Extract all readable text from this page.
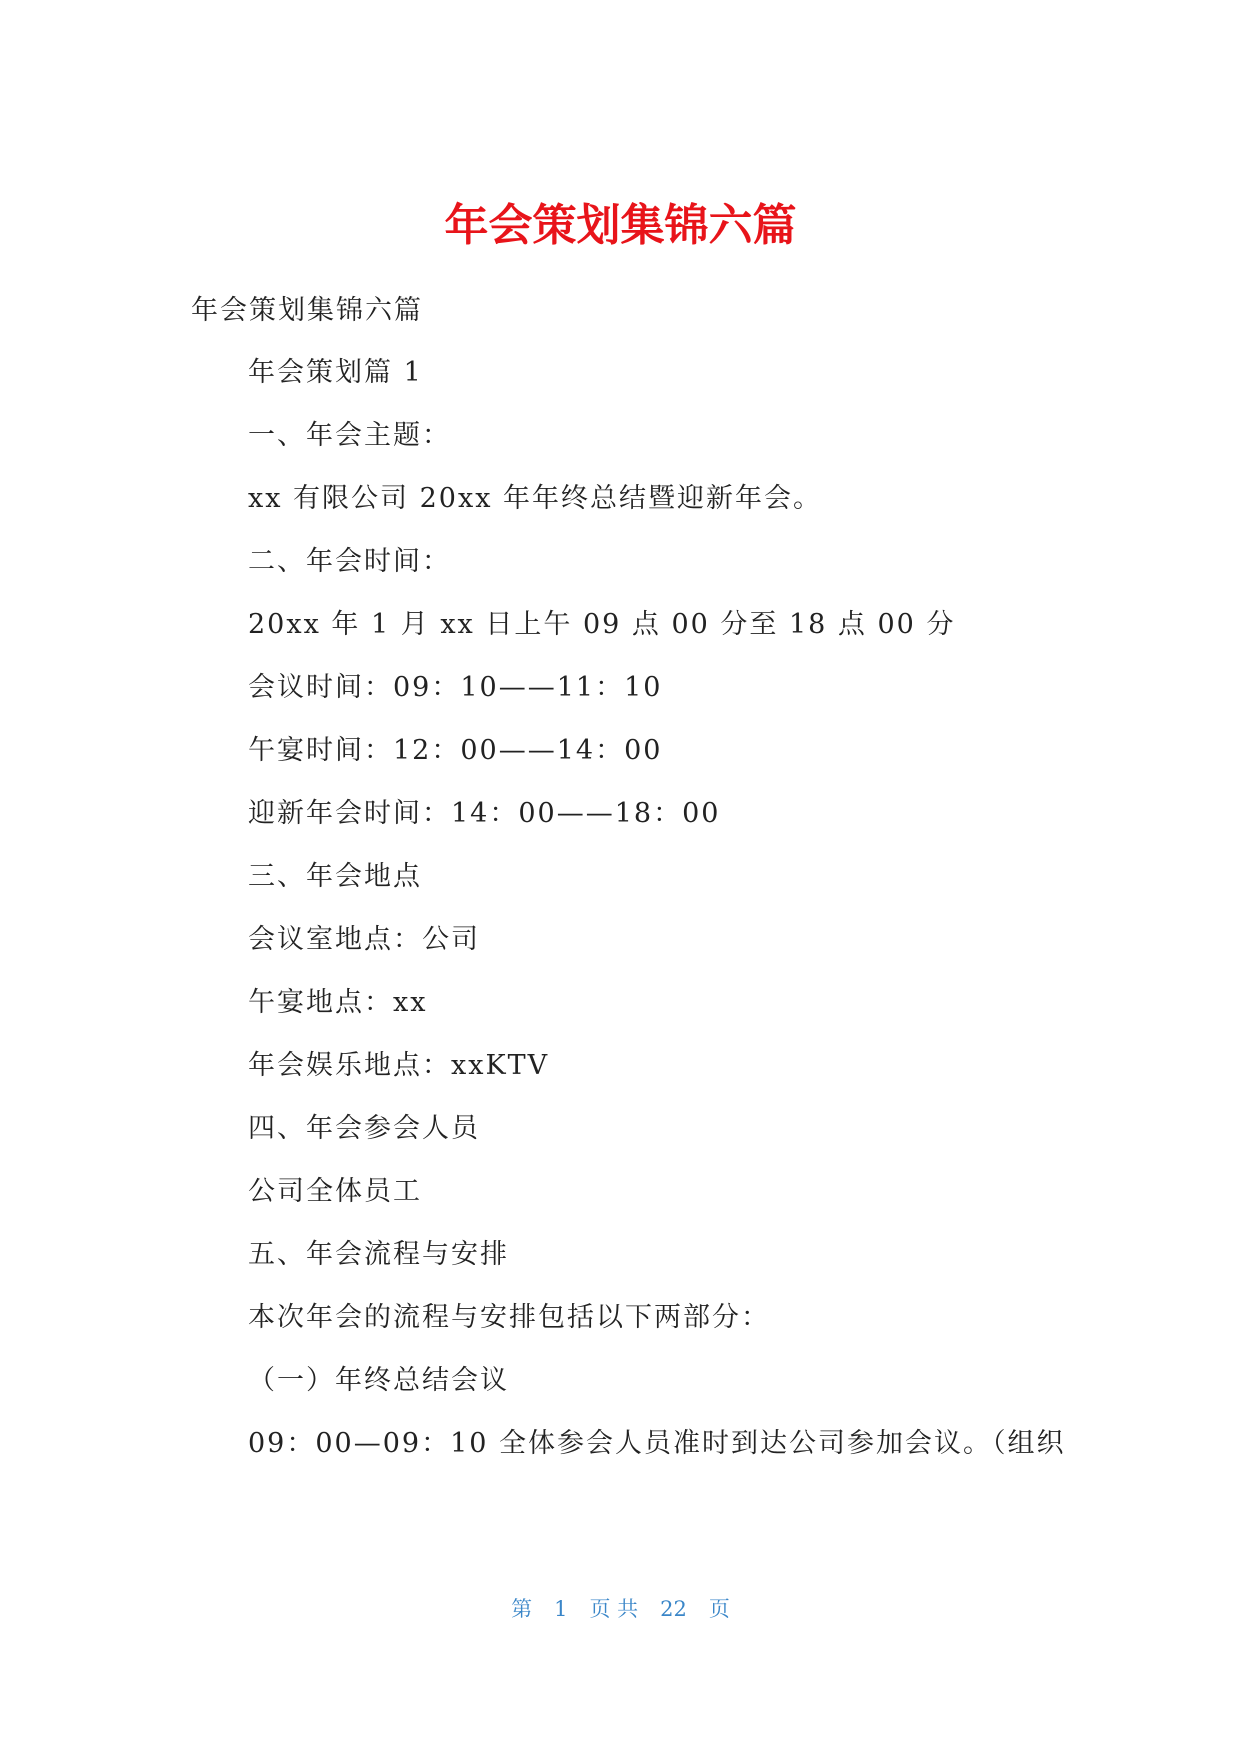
年会策划集锦六篇
年会策划集锦六篇
年会策划篇 1
一、年会主题：
xx 有限公司 20xx 年年终总结暨迎新年会。
二、年会时间：
20xx 年 1 月 xx 日上午 09 点 00 分至 18 点 00 分
会议时间：09：10——11：10
午宴时间：12：00——14：00
迎新年会时间：14：00——18：00
三、年会地点
会议室地点：公司
午宴地点：xx
年会娱乐地点：xxKTV
四、年会参会人员
公司全体员工
五、年会流程与安排
本次年会的流程与安排包括以下两部分：
（一）年终总结会议
09：00—09：10 全体参会人员准时到达公司参加会议。（组织
第 1 页 共 22 页
